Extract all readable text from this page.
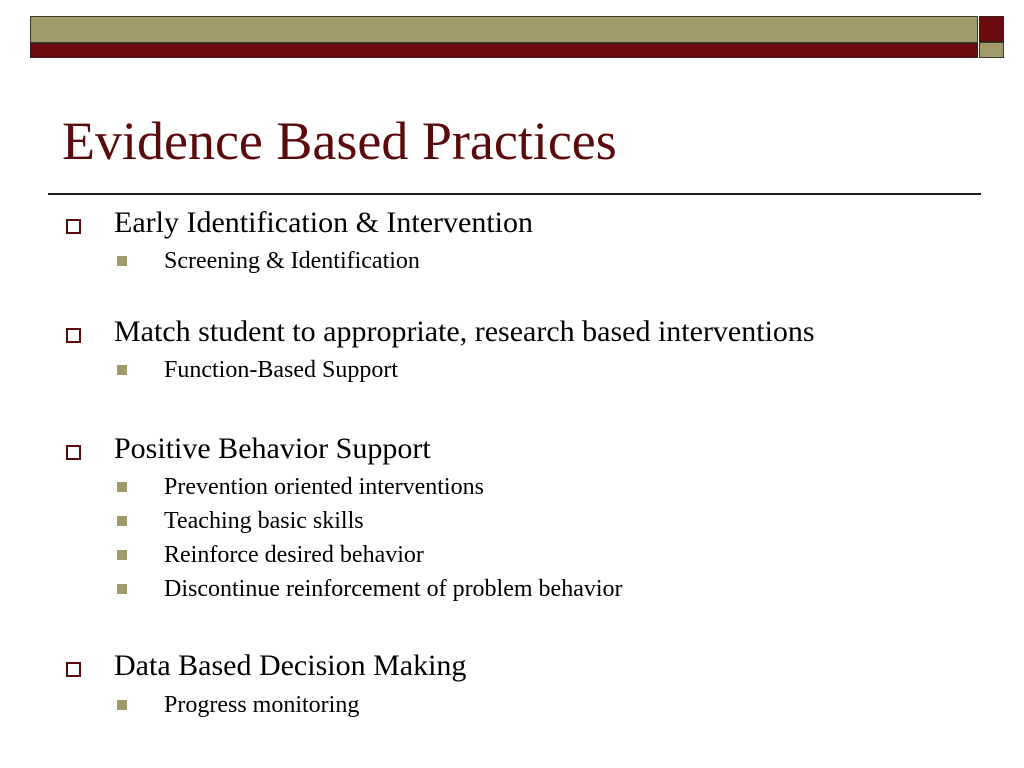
Evidence Based Practices
Early Identification & Intervention
Screening & Identification
Match student to appropriate, research based interventions
Function-Based Support
Positive Behavior Support
Prevention oriented interventions
Teaching basic skills
Reinforce desired behavior
Discontinue reinforcement of problem behavior
Data Based Decision Making
Progress monitoring
